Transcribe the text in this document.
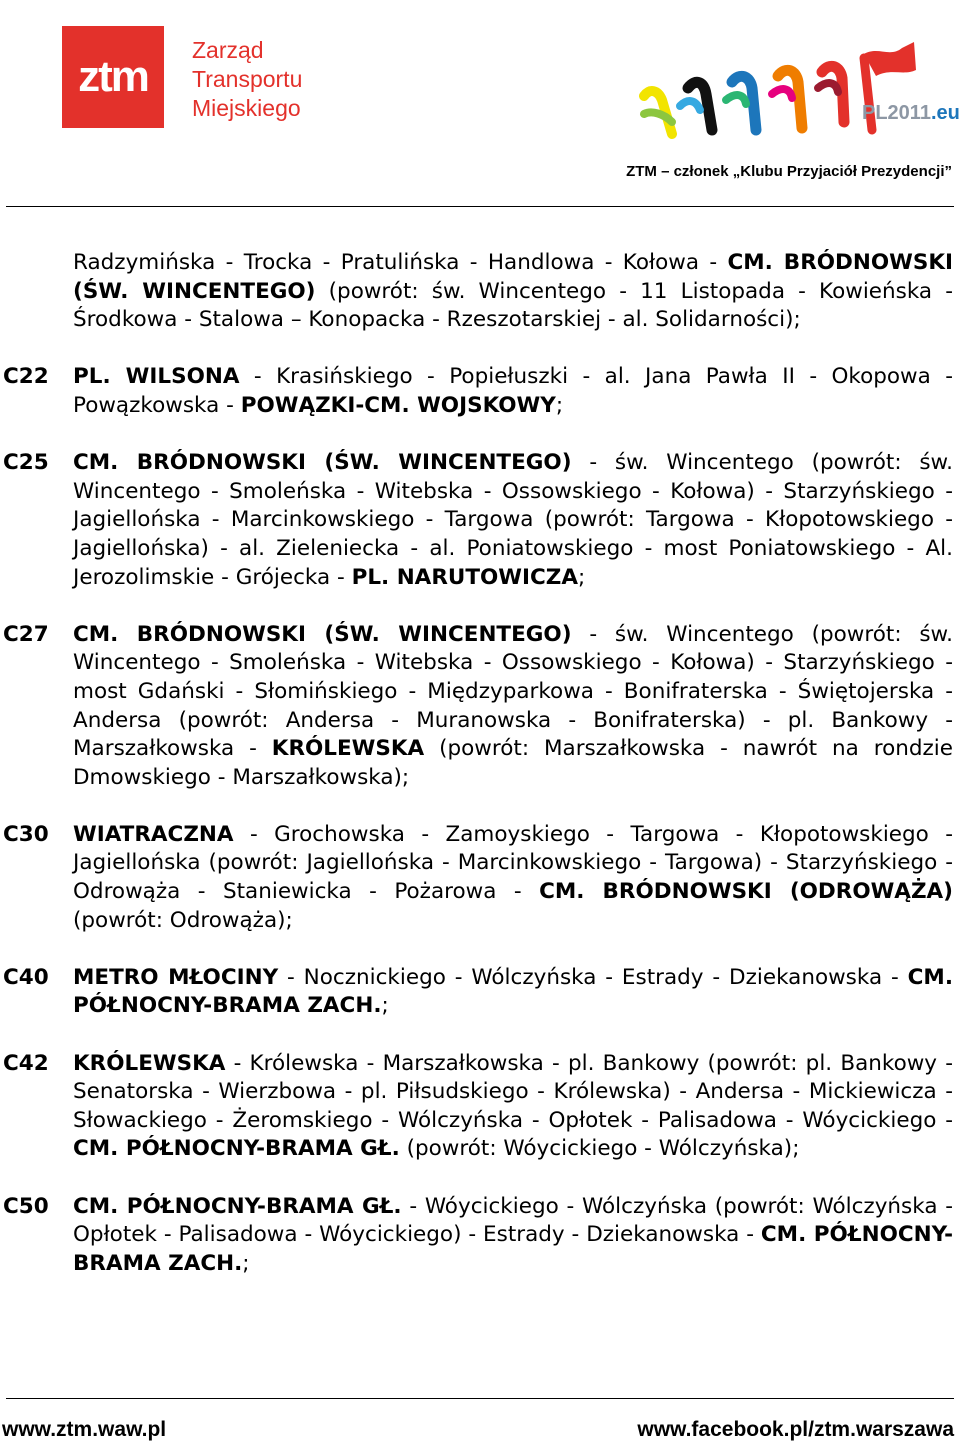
ztm
Zarząd
Transportu
Miejskiego	PL2011.eu
ZTM – członek „Klubu Przyjaciół Prezydencji”
Radzymińska - Trocka - Pratulińska - Handlowa - Kołowa - CM. BRÓDNOWSKI (ŚW. WINCENTEGO) (powrót: św. Wincentego - 11 Listopada - Kowieńska - Środkowa - Stalowa – Konopacka - Rzeszotarskiej - al. Solidarności);
C22	PL. WILSONA - Krasińskiego - Popiełuszki - al. Jana Pawła II - Okopowa - Powązkowska - POWĄZKI-CM. WOJSKOWY;
C25	CM. BRÓDNOWSKI (ŚW. WINCENTEGO) - św. Wincentego (powrót: św. Wincentego - Smoleńska - Witebska - Ossowskiego - Kołowa) - Starzyńskiego - Jagiellońska - Marcinkowskiego - Targowa (powrót: Targowa - Kłopotowskiego - Jagiellońska) - al. Zieleniecka - al. Poniatowskiego - most Poniatowskiego - Al. Jerozolimskie - Grójecka - PL. NARUTOWICZA;
C27	CM. BRÓDNOWSKI (ŚW. WINCENTEGO) - św. Wincentego (powrót: św. Wincentego - Smoleńska - Witebska - Ossowskiego - Kołowa) - Starzyńskiego - most Gdański - Słomińskiego - Międzyparkowa - Bonifraterska - Świętojerska - Andersa (powrót: Andersa - Muranowska - Bonifraterska) - pl. Bankowy - Marszałkowska - KRÓLEWSKA (powrót: Marszałkowska - nawrót na rondzie Dmowskiego - Marszałkowska);
C30	WIATRACZNA - Grochowska - Zamoyskiego - Targowa - Kłopotowskiego - Jagiellońska (powrót: Jagiellońska - Marcinkowskiego - Targowa) - Starzyńskiego - Odrowąża - Staniewicka - Pożarowa - CM. BRÓDNOWSKI (ODROWĄŻA) (powrót: Odrowąża);
C40	METRO MŁOCINY - Nocznickiego - Wólczyńska - Estrady - Dziekanowska - CM. PÓŁNOCNY-BRAMA ZACH.;
C42	KRÓLEWSKA - Królewska - Marszałkowska - pl. Bankowy (powrót: pl. Bankowy - Senatorska - Wierzbowa - pl. Piłsudskiego - Królewska) - Andersa - Mickiewicza - Słowackiego - Żeromskiego - Wólczyńska - Opłotek - Palisadowa - Wóycickiego - CM. PÓŁNOCNY-BRAMA GŁ. (powrót: Wóycickiego - Wólczyńska);
C50	CM. PÓŁNOCNY-BRAMA GŁ. - Wóycickiego - Wólczyńska (powrót: Wólczyńska - Opłotek - Palisadowa - Wóycickiego) - Estrady - Dziekanowska - CM. PÓŁNOCNY-BRAMA ZACH.;
www.ztm.waw.pl	www.facebook.pl/ztm.warszawa
